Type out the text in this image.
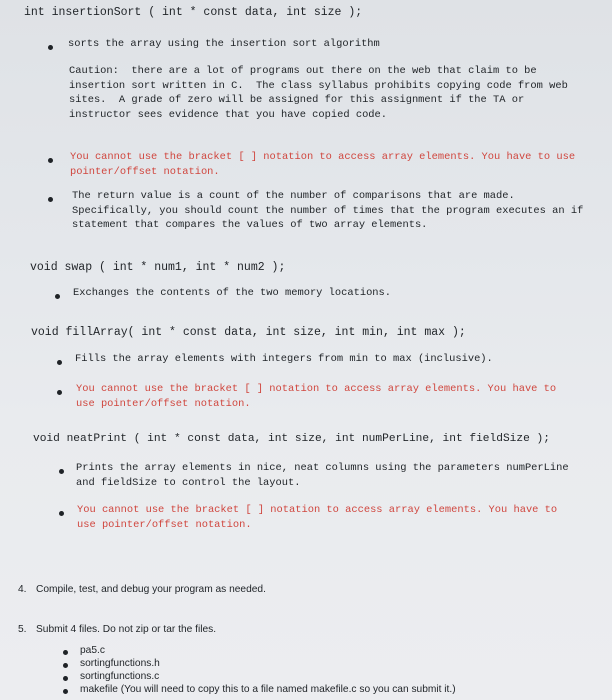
int insertionSort ( int * const data, int size );
sorts the array using the insertion sort algorithm
Caution:  there are a lot of programs out there on the web that claim to be insertion sort written in C.  The class syllabus prohibits copying code from web sites.  A grade of zero will be assigned for this assignment if the TA or instructor sees evidence that you have copied code.
You cannot use the bracket [ ] notation to access array elements. You have to use pointer/offset notation.
The return value is a count of the number of comparisons that are made. Specifically, you should count the number of times that the program executes an if statement that compares the values of two array elements.
void swap ( int * num1, int * num2 );
Exchanges the contents of the two memory locations.
void fillArray( int * const data, int size, int min, int max );
Fills the array elements with integers from min to max (inclusive).
You cannot use the bracket [ ] notation to access array elements. You have to use pointer/offset notation.
void neatPrint ( int * const data, int size, int numPerLine, int fieldSize );
Prints the array elements in nice, neat columns using the parameters numPerLine and fieldSize to control the layout.
You cannot use the bracket [ ] notation to access array elements. You have to use pointer/offset notation.
4. Compile, test, and debug your program as needed.
5. Submit 4 files. Do not zip or tar the files.
pa5.c
sortingfunctions.h
sortingfunctions.c
makefile (You will need to copy this to a file named makefile.c so you can submit it.)
